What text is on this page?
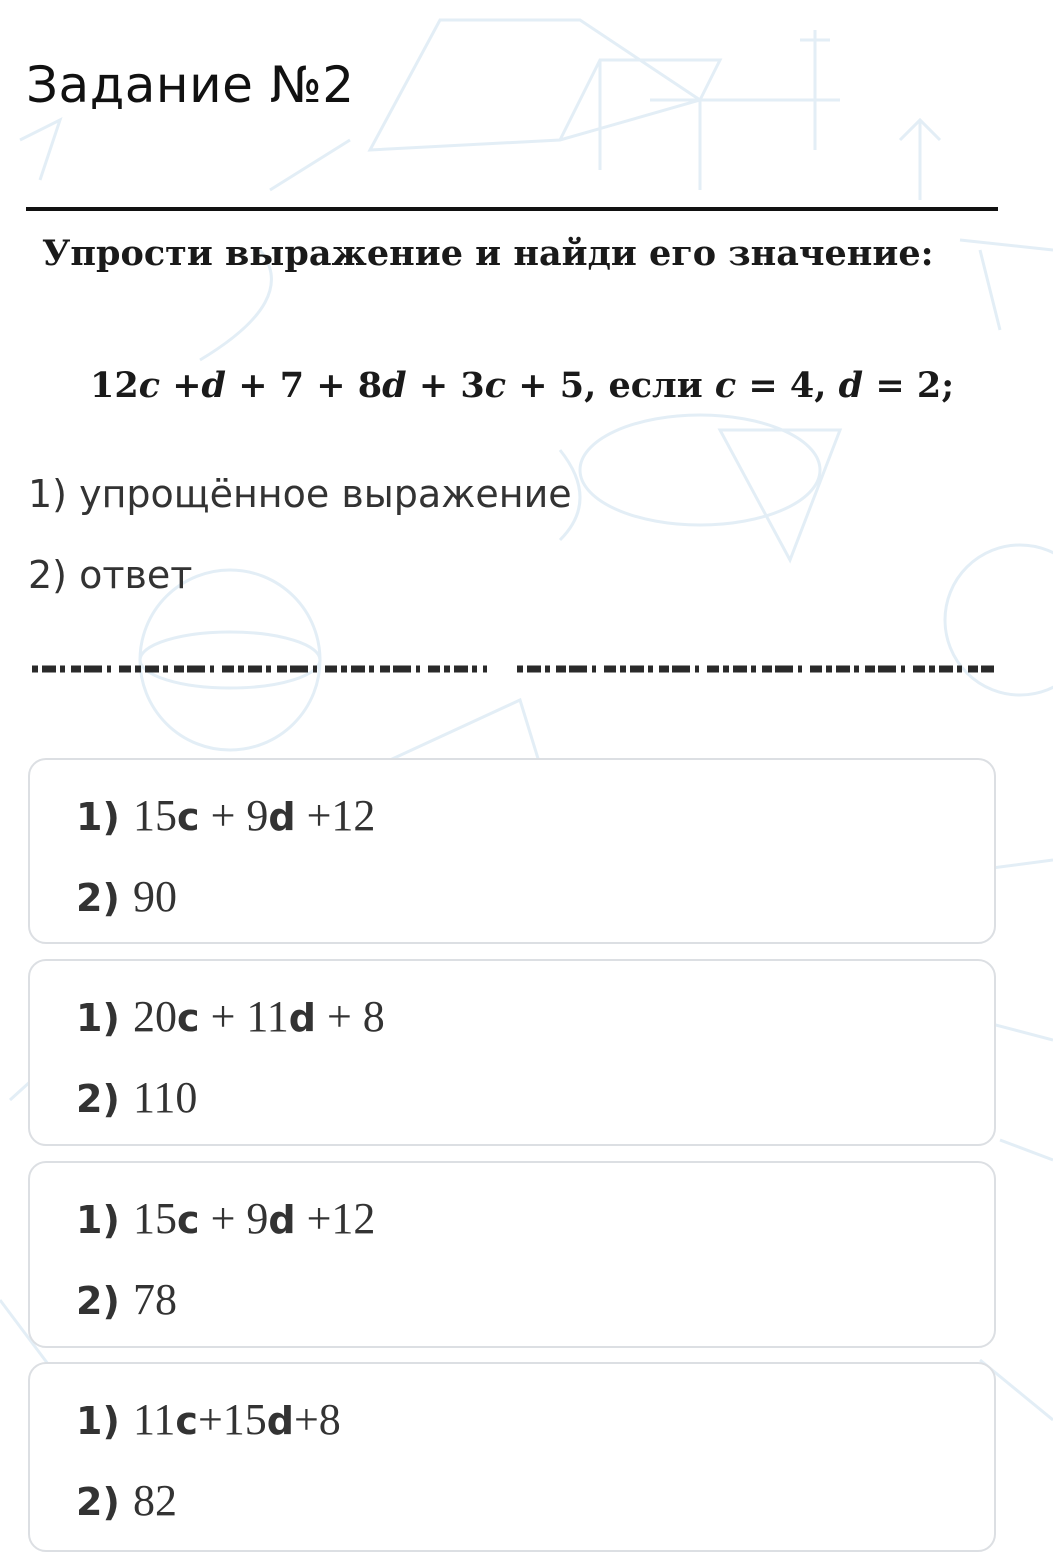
Задание №2
Упрости выражение и найди его значение:
12c +d + 7 + 8d + 3c + 5, если c = 4, d = 2;
1) упрощённое выражение
2) ответ
1) 15c + 9d +12
2) 90
1) 20c + 11d + 8
2) 110
1) 15c + 9d +12
2) 78
1) 11c+15d+8
2) 82
